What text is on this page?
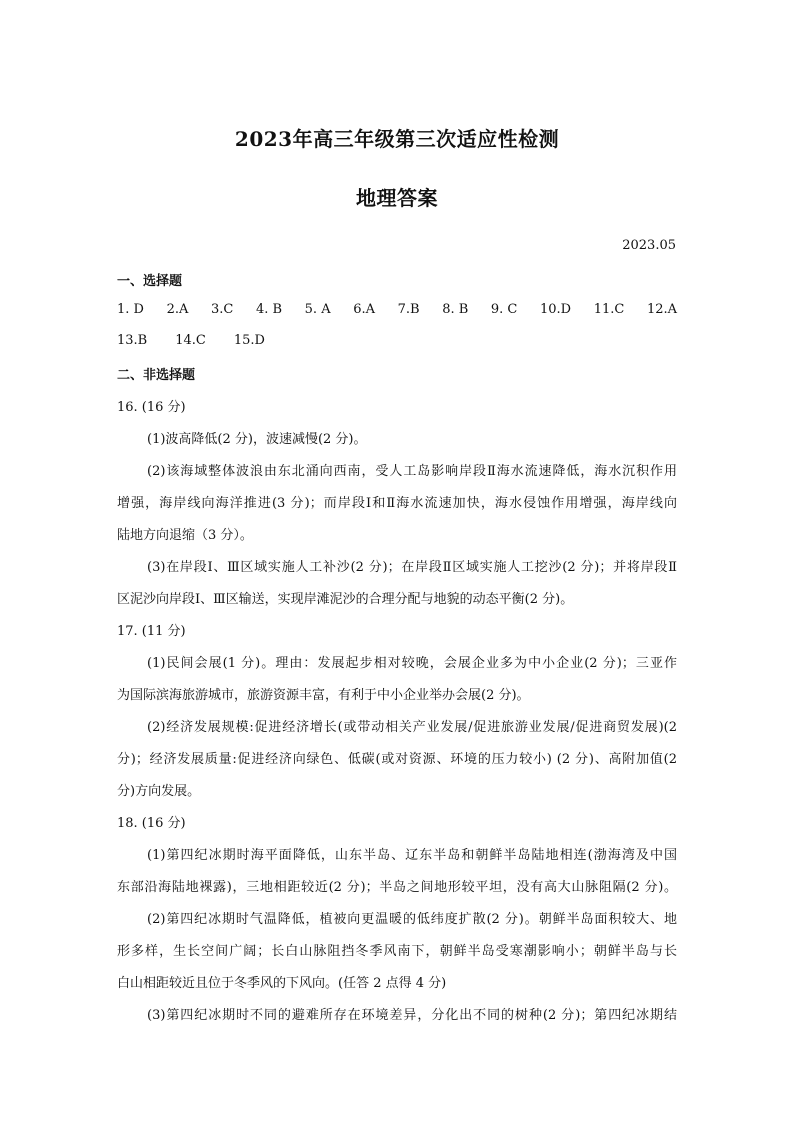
2023年高三年级第三次适应性检测
地理答案
2023.05
一、选择题
1. D 2.A 3.C 4. B 5. A 6.A 7.B 8. B 9. C 10.D 11.C 12.A
13.B 14.C 15.D
二、非选择题
16. (16 分)
(1)波高降低(2 分)，波速减慢(2 分)。
(2)该海域整体波浪由东北涌向西南，受人工岛影响岸段Ⅱ海水流速降低，海水沉积作用
增强，海岸线向海洋推进(3 分)；而岸段Ⅰ和Ⅱ海水流速加快，海水侵蚀作用增强，海岸线向
陆地方向退缩（3 分）。
(3)在岸段Ⅰ、Ⅲ区域实施人工补沙(2 分)；在岸段Ⅱ区域实施人工挖沙(2 分)；并将岸段Ⅱ
区泥沙向岸段Ⅰ、Ⅲ区输送，实现岸滩泥沙的合理分配与地貌的动态平衡(2 分)。
17. (11 分)
(1)民间会展(1 分)。理由：发展起步相对较晚，会展企业多为中小企业(2 分)；三亚作
为国际滨海旅游城市，旅游资源丰富，有利于中小企业举办会展(2 分)。
(2)经济发展规模:促进经济增长(或带动相关产业发展/促进旅游业发展/促进商贸发展)(2
分)；经济发展质量:促进经济向绿色、低碳(或对资源、环境的压力较小) (2 分)、高附加值(2
分)方向发展。
18. (16 分)
(1)第四纪冰期时海平面降低，山东半岛、辽东半岛和朝鲜半岛陆地相连(渤海湾及中国
东部沿海陆地裸露)，三地相距较近(2 分)；半岛之间地形较平坦，没有高大山脉阻隔(2 分)。
(2)第四纪冰期时气温降低，植被向更温暖的低纬度扩散(2 分)。朝鲜半岛面积较大、地
形多样，生长空间广阔；长白山脉阻挡冬季风南下，朝鲜半岛受寒潮影响小；朝鲜半岛与长
白山相距较近且位于冬季风的下风向。(任答 2 点得 4 分)
(3)第四纪冰期时不同的避难所存在环境差异，分化出不同的树种(2 分)；第四纪冰期结
